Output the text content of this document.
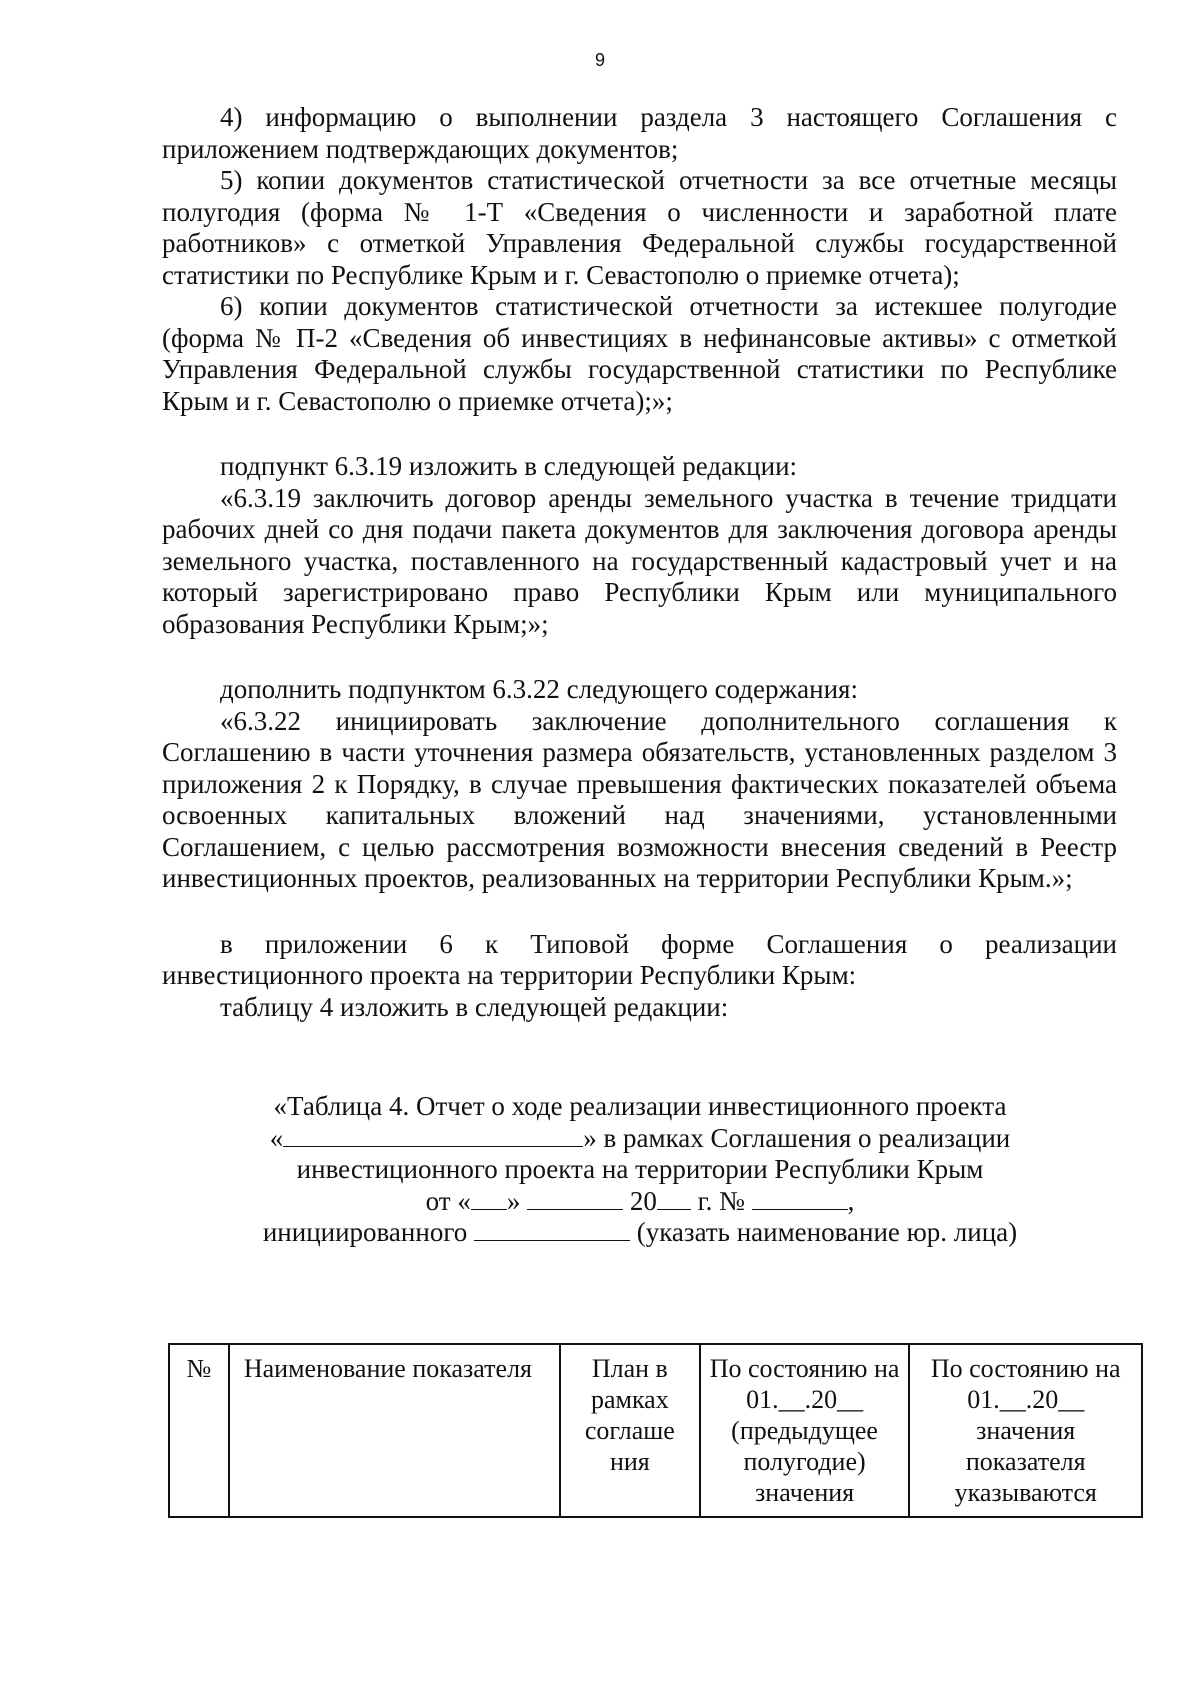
9

4) информацию о выполнении раздела 3 настоящего Соглашения с приложением подтверждающих документов;

5) копии документов статистической отчетности за все отчетные месяцы полугодия (форма № 1-Т «Сведения о численности и заработной плате работников» с отметкой Управления Федеральной службы государственной статистики по Республике Крым и г. Севастополю о приемке отчета);

6) копии документов статистической отчетности за истекшее полугодие (форма № П-2 «Сведения об инвестициях в нефинансовые активы» с отметкой Управления Федеральной службы государственной статистики по Республике Крым и г. Севастополю о приемке отчета);»;

подпункт 6.3.19 изложить в следующей редакции:

«6.3.19 заключить договор аренды земельного участка в течение тридцати рабочих дней со дня подачи пакета документов для заключения договора аренды земельного участка, поставленного на государственный кадастровый учет и на который зарегистрировано право Республики Крым или муниципального образования Республики Крым;»;

дополнить подпунктом 6.3.22 следующего содержания:

«6.3.22 инициировать заключение дополнительного соглашения к Соглашению в части уточнения размера обязательств, установленных разделом 3 приложения 2 к Порядку, в случае превышения фактических показателей объема освоенных капитальных вложений над значениями, установленными Соглашением, с целью рассмотрения возможности внесения сведений в Реестр инвестиционных проектов, реализованных на территории Республики Крым.»;

в приложении 6 к Типовой форме Соглашения о реализации инвестиционного проекта на территории Республики Крым:

таблицу 4 изложить в следующей редакции:

«Таблица 4. Отчет о ходе реализации инвестиционного проекта
«	» в рамках Соглашения о реализации
инвестиционного проекта на территории Республики Крым
от « »	20 г. №	,
инициированного	(указать наименование юр. лица)
№	Наименование показателя	План в рамках соглаше ния	По состоянию на 01.__.20__ (предыдущее полугодие) значения	По состоянию на 01.__.20__ значения показателя указываются
